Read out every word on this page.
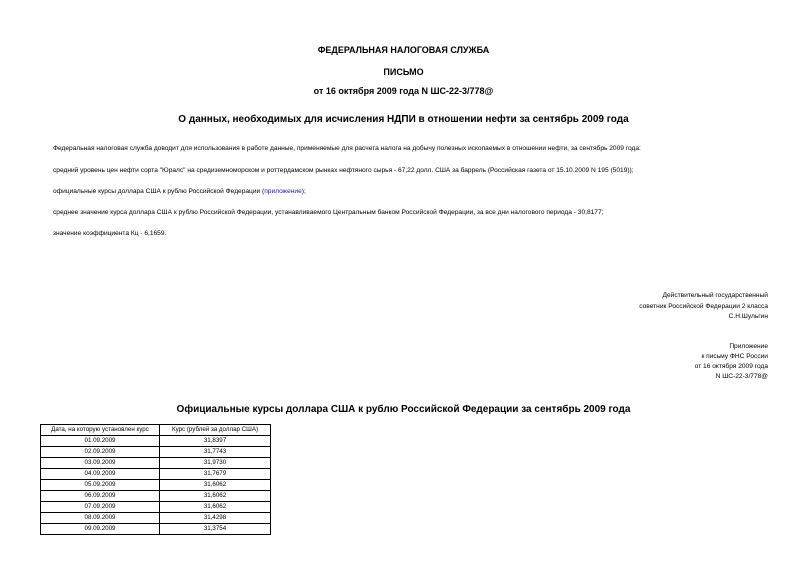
ФЕДЕРАЛЬНАЯ НАЛОГОВАЯ СЛУЖБА
ПИСЬМО
от 16 октября 2009 года N ШС-22-3/778@
О данных, необходимых для исчисления НДПИ в отношении нефти за сентябрь 2009 года
Федеральная налоговая служба доводит для использования в работе данные, применяемые для расчета налога на добычу полезных ископаемых в отношении нефти, за сентябрь 2009 года:
средний уровень цен нефти сорта "Юралс" на средиземноморском и роттердамском рынках нефтяного сырья - 67,22 долл. США за баррель (Российская газета от 15.10.2009 N 195 (5019));
официальные курсы доллара США к рублю Российской Федерации (приложение);
среднее значение курса доллара США к рублю Российской Федерации, устанавливаемого Центральным банком Российской Федерации, за все дни налогового периода - 30,8177;
значение коэффициента Кц - 6,1659.
Действительный государственный
советник Российской Федерации 2 класса
С.Н.Шульгин
Приложение
к письму ФНС России
от 16 октября 2009 года
N ШС-22-3/778@
Официальные курсы доллара США к рублю Российской Федерации за сентябрь 2009 года
Дата, на которую установлен курс	Курс (рублей за доллар США)
01.09.2009	31,8397
02.09.2009	31,7743
03.09.2009	31,9730
04.09.2009	31,7679
05.09.2009	31,6062
06.09.2009	31,6062
07.09.2009	31,6062
08.09.2009	31,4298
09.09.2009	31,3754
